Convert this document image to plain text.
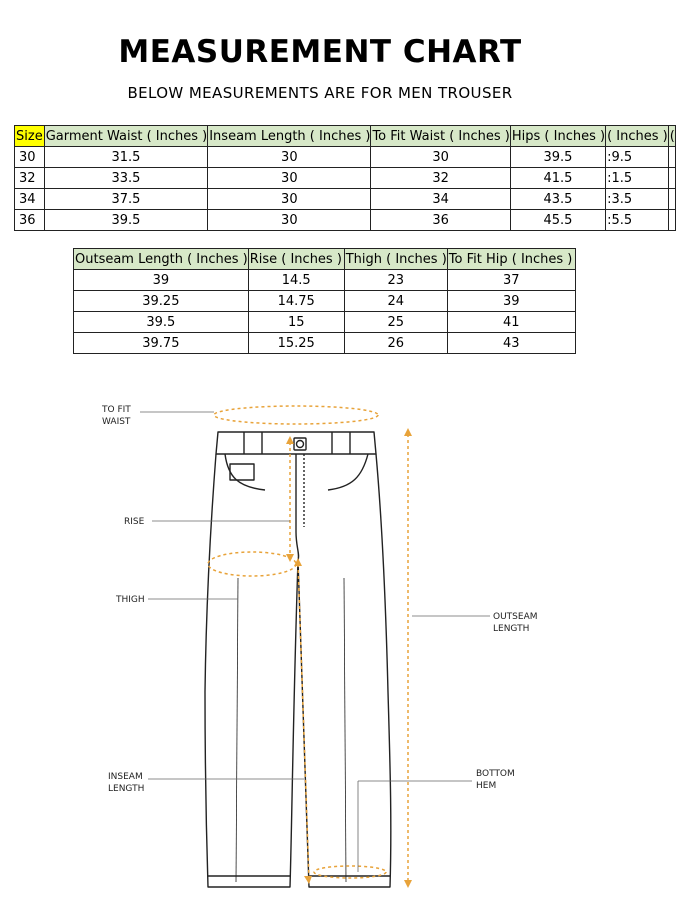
MEASUREMENT CHART
BELOW MEASUREMENTS ARE FOR MEN TROUSER
Size	Garment Waist ( Inches )	Inseam Length ( Inches )	To Fit Waist ( Inches )	Hips ( Inches )	( Inches )	(
30	31.5	30	30	39.5	:9.5	
32	33.5	30	32	41.5	:1.5	
34	37.5	30	34	43.5	:3.5	
36	39.5	30	36	45.5	:5.5	
Outseam Length ( Inches )	Rise ( Inches )	Thigh ( Inches )	To Fit Hip ( Inches )
39	14.5	23	37
39.25	14.75	24	39
39.5	15	25	41
39.75	15.25	26	43
TO FIT
WAIST
RISE
THIGH
INSEAM
LENGTH
OUTSEAM
LENGTH
BOTTOM
HEM
